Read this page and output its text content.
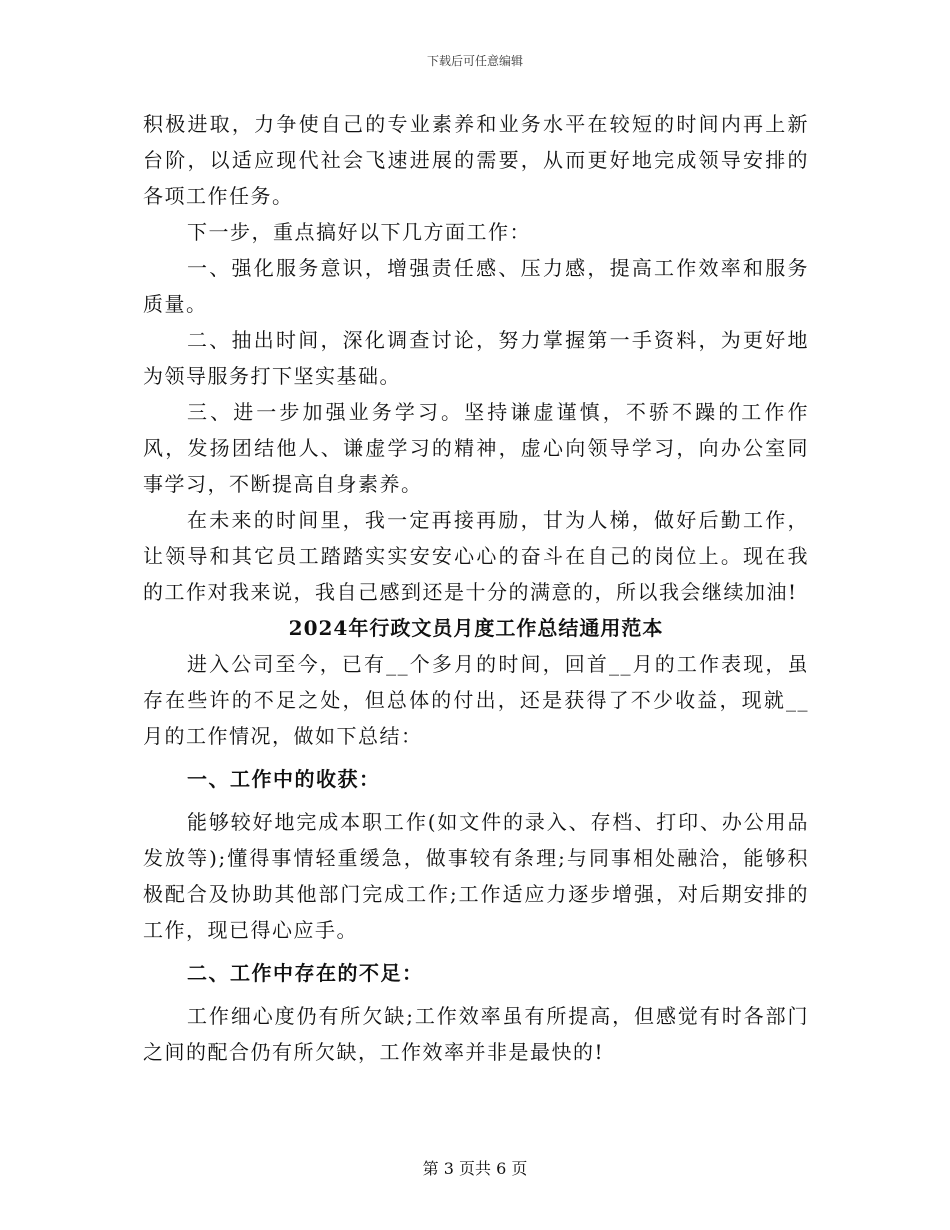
下载后可任意编辑

积极进取，力争使自己的专业素养和业务水平在较短的时间内再上新台阶，以适应现代社会飞速进展的需要，从而更好地完成领导安排的各项工作任务。

下一步，重点搞好以下几方面工作：

一、强化服务意识，增强责任感、压力感，提高工作效率和服务质量。

二、抽出时间，深化调查讨论，努力掌握第一手资料，为更好地为领导服务打下坚实基础。

三、进一步加强业务学习。坚持谦虚谨慎，不骄不躁的工作作风，发扬团结他人、谦虚学习的精神，虚心向领导学习，向办公室同事学习，不断提高自身素养。

在未来的时间里，我一定再接再励，甘为人梯，做好后勤工作，让领导和其它员工踏踏实实安安心心的奋斗在自己的岗位上。现在我的工作对我来说，我自己感到还是十分的满意的，所以我会继续加油!

2024年行政文员月度工作总结通用范本

进入公司至今，已有__个多月的时间，回首__月的工作表现，虽存在些许的不足之处，但总体的付出，还是获得了不少收益，现就__月的工作情况，做如下总结：

一、工作中的收获：

能够较好地完成本职工作(如文件的录入、存档、打印、办公用品发放等);懂得事情轻重缓急，做事较有条理;与同事相处融洽，能够积极配合及协助其他部门完成工作;工作适应力逐步增强，对后期安排的工作，现已得心应手。

二、工作中存在的不足：

工作细心度仍有所欠缺;工作效率虽有所提高，但感觉有时各部门之间的配合仍有所欠缺，工作效率并非是最快的!

第 3 页共 6 页
